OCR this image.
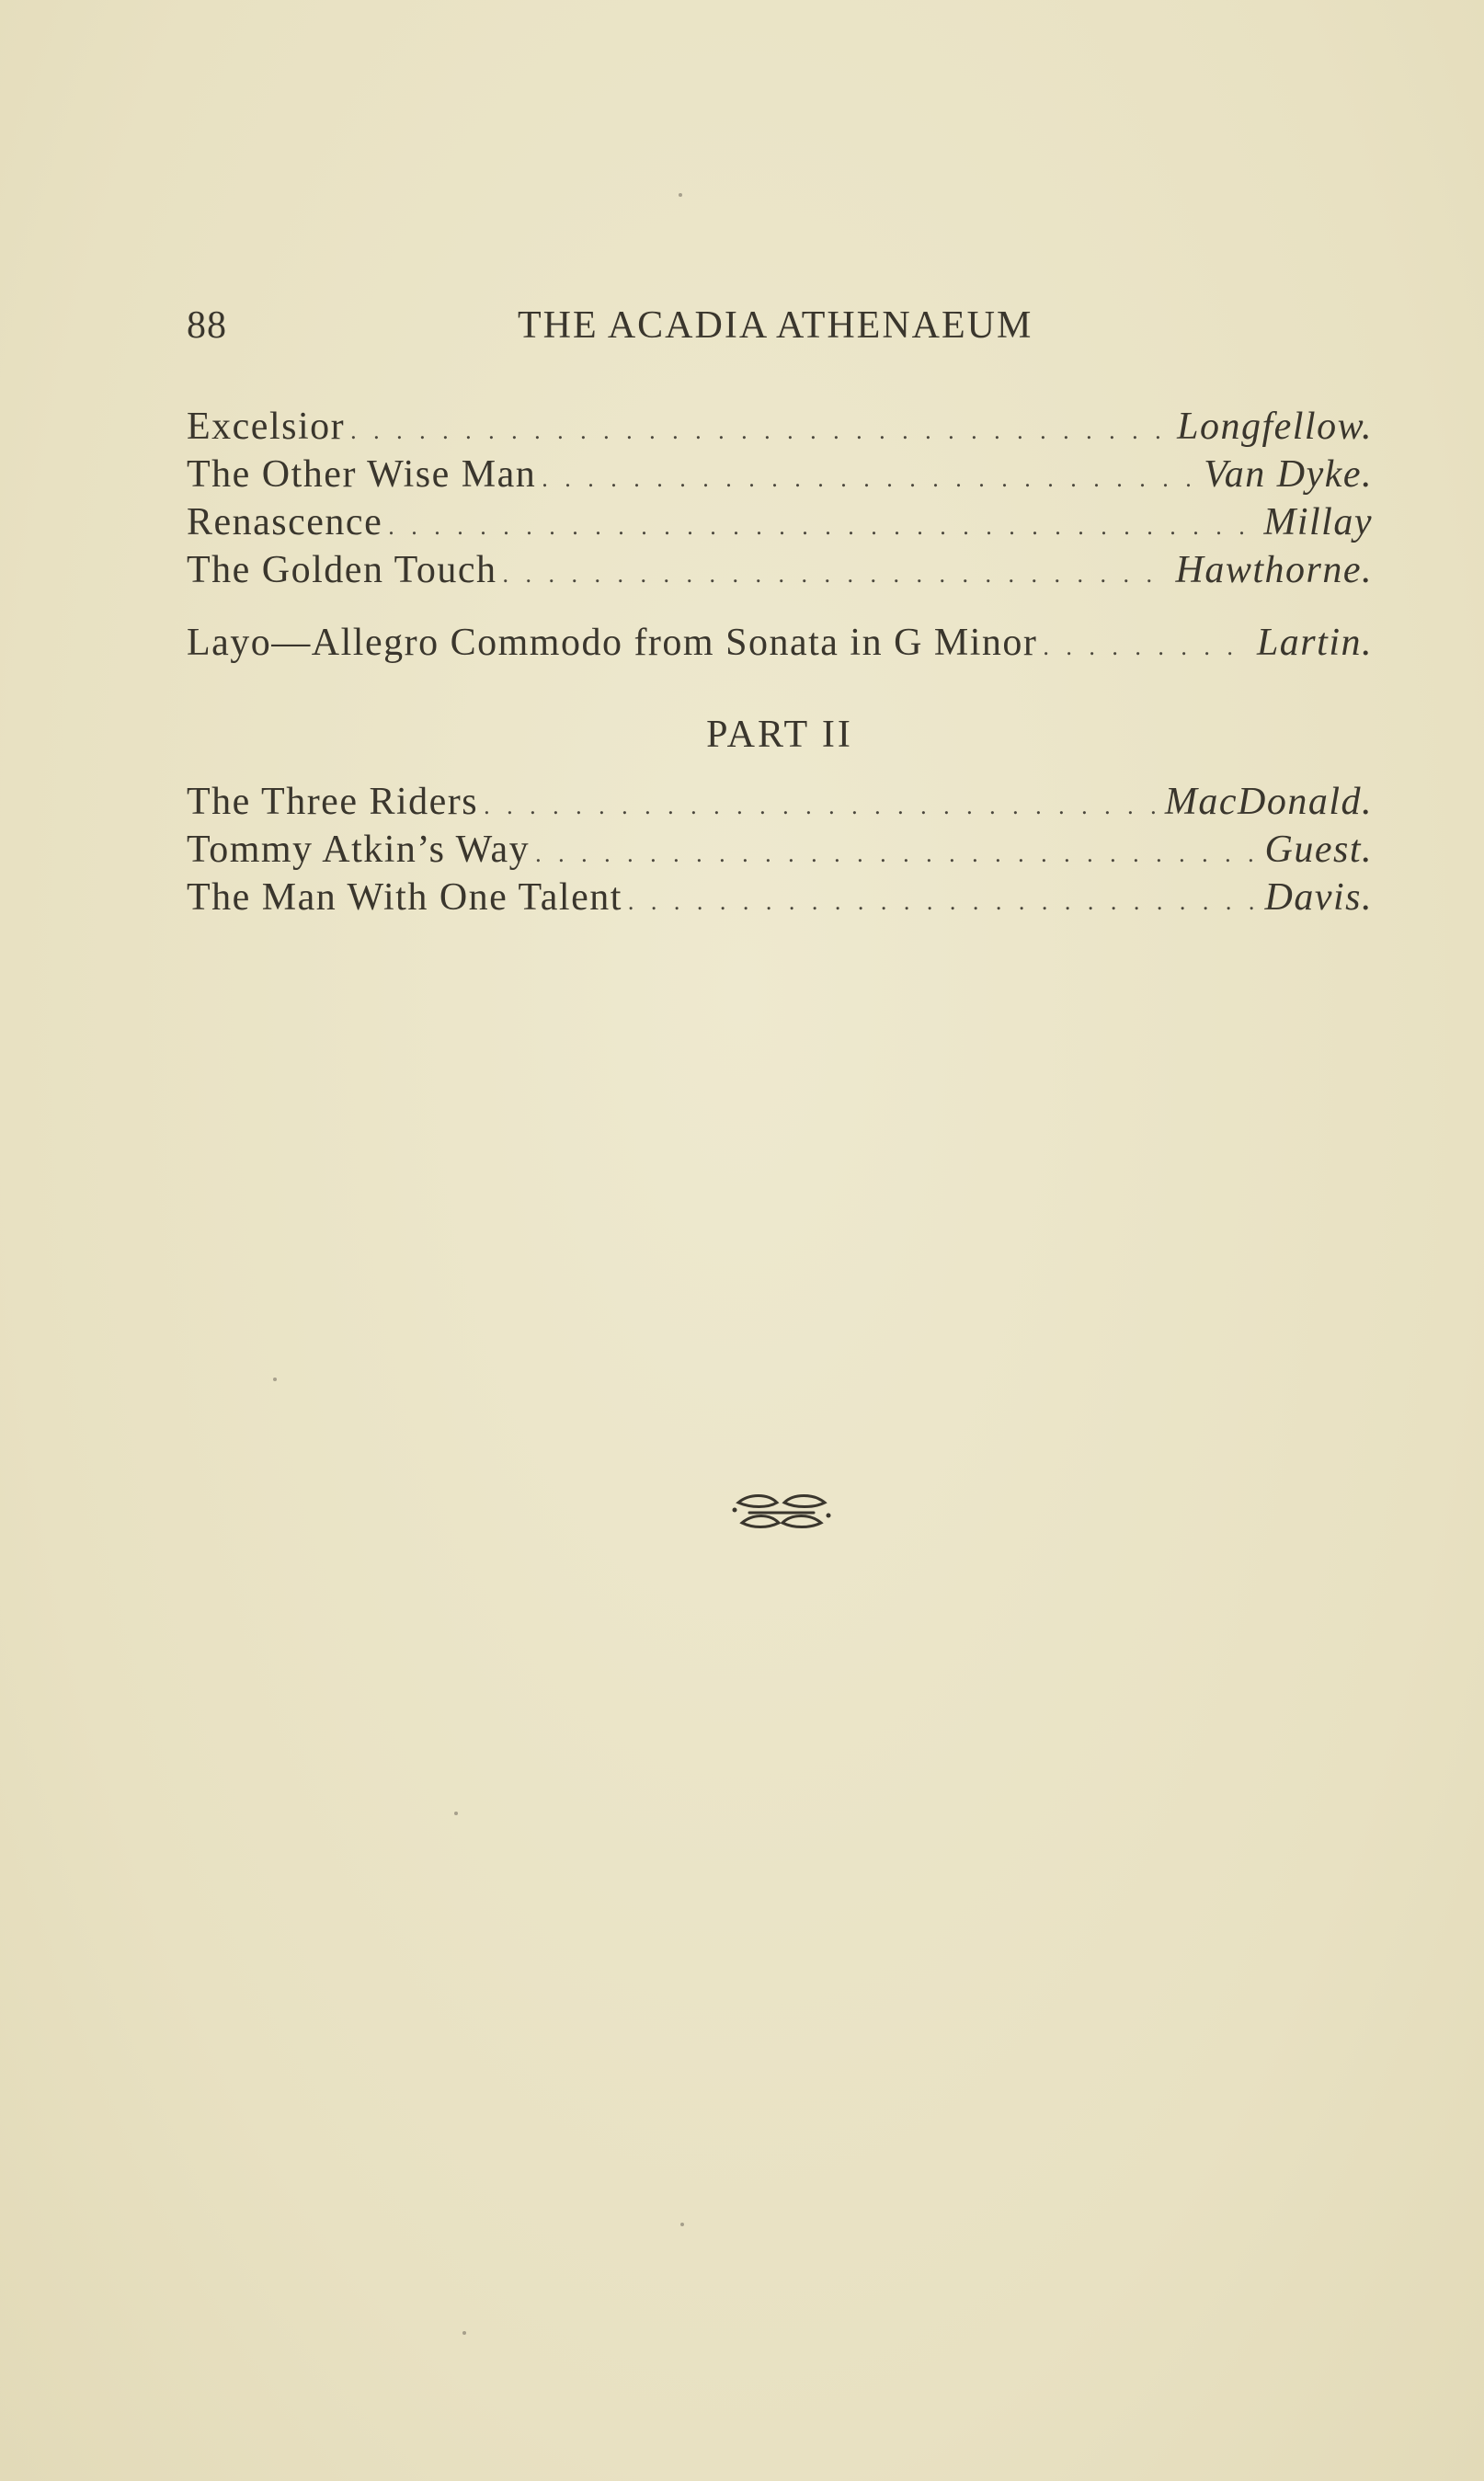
88	THE ACADIA ATHENAEUM
Excelsior . . .	Longfellow.
The Other Wise Man . . .	Van Dyke.
Renascence . . .	Millay
The Golden Touch . . .	Hawthorne.
Layo—Allegro Commodo from Sonata in G Minor . . .	Lartin.
PART II
The Three Riders . . .	MacDonald.
Tommy Atkin’s Way . . .	Guest.
The Man With One Talent . . .	Davis.
